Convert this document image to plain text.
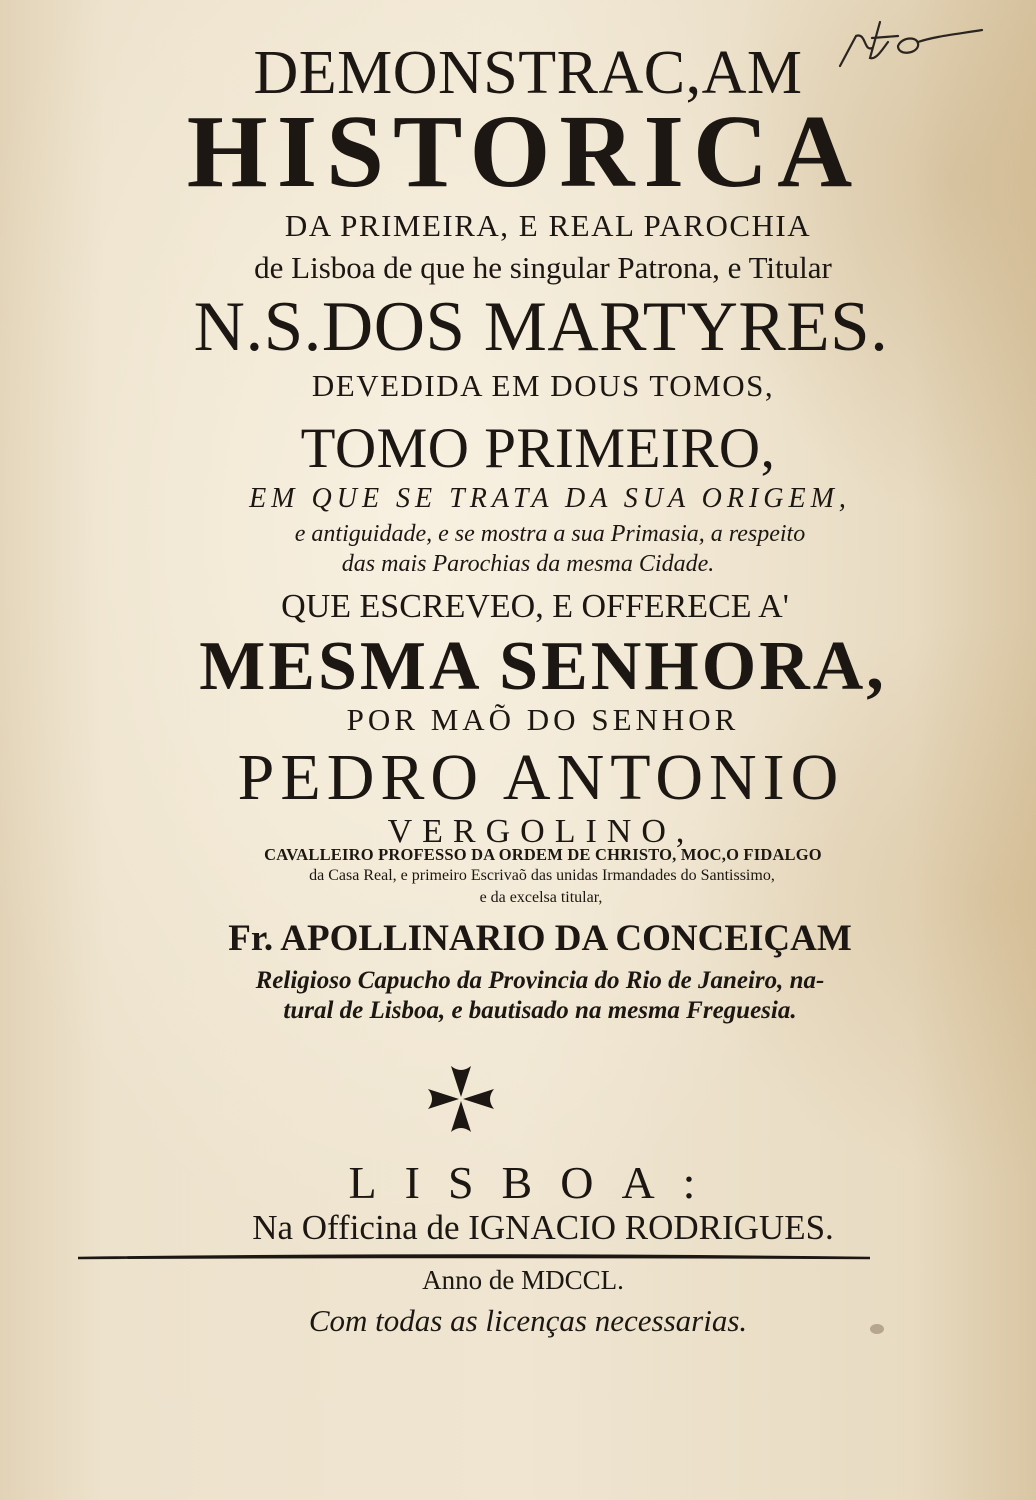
DEMONSTRAC,AM
HISTORICA
DA PRIMEIRA, E REAL PAROCHIA
de Lisboa de que he singular Patrona, e Titular
N.S.DOS MARTYRES.
DEVEDIDA EM DOUS TOMOS,
TOMO PRIMEIRO,
EM QUE SE TRATA DA SUA ORIGEM,
e antiguidade, e se mostra a sua Primasia, a respeito
das mais Parochias da mesma Cidade.
QUE ESCREVEO, E OFFERECE A'
MESMA SENHORA,
POR MAÕ DO SENHOR
PEDRO ANTONIO
VERGOLINO,
CAVALLEIRO PROFESSO DA ORDEM DE CHRISTO, MOC,O FIDALGO
da Casa Real, e primeiro Escrivaõ das unidas Irmandades do Santissimo,
e da excelsa titular,
Fr. APOLLINARIO DA CONCEIÇAM
Religioso Capucho da Provincia do Rio de Janeiro, na-
tural de Lisboa, e bautisado na mesma Freguesia.
LISBOA:
Na Officina de IGNACIO RODRIGUES.
Anno de MDCCL.
Com todas as licenças necessarias.
